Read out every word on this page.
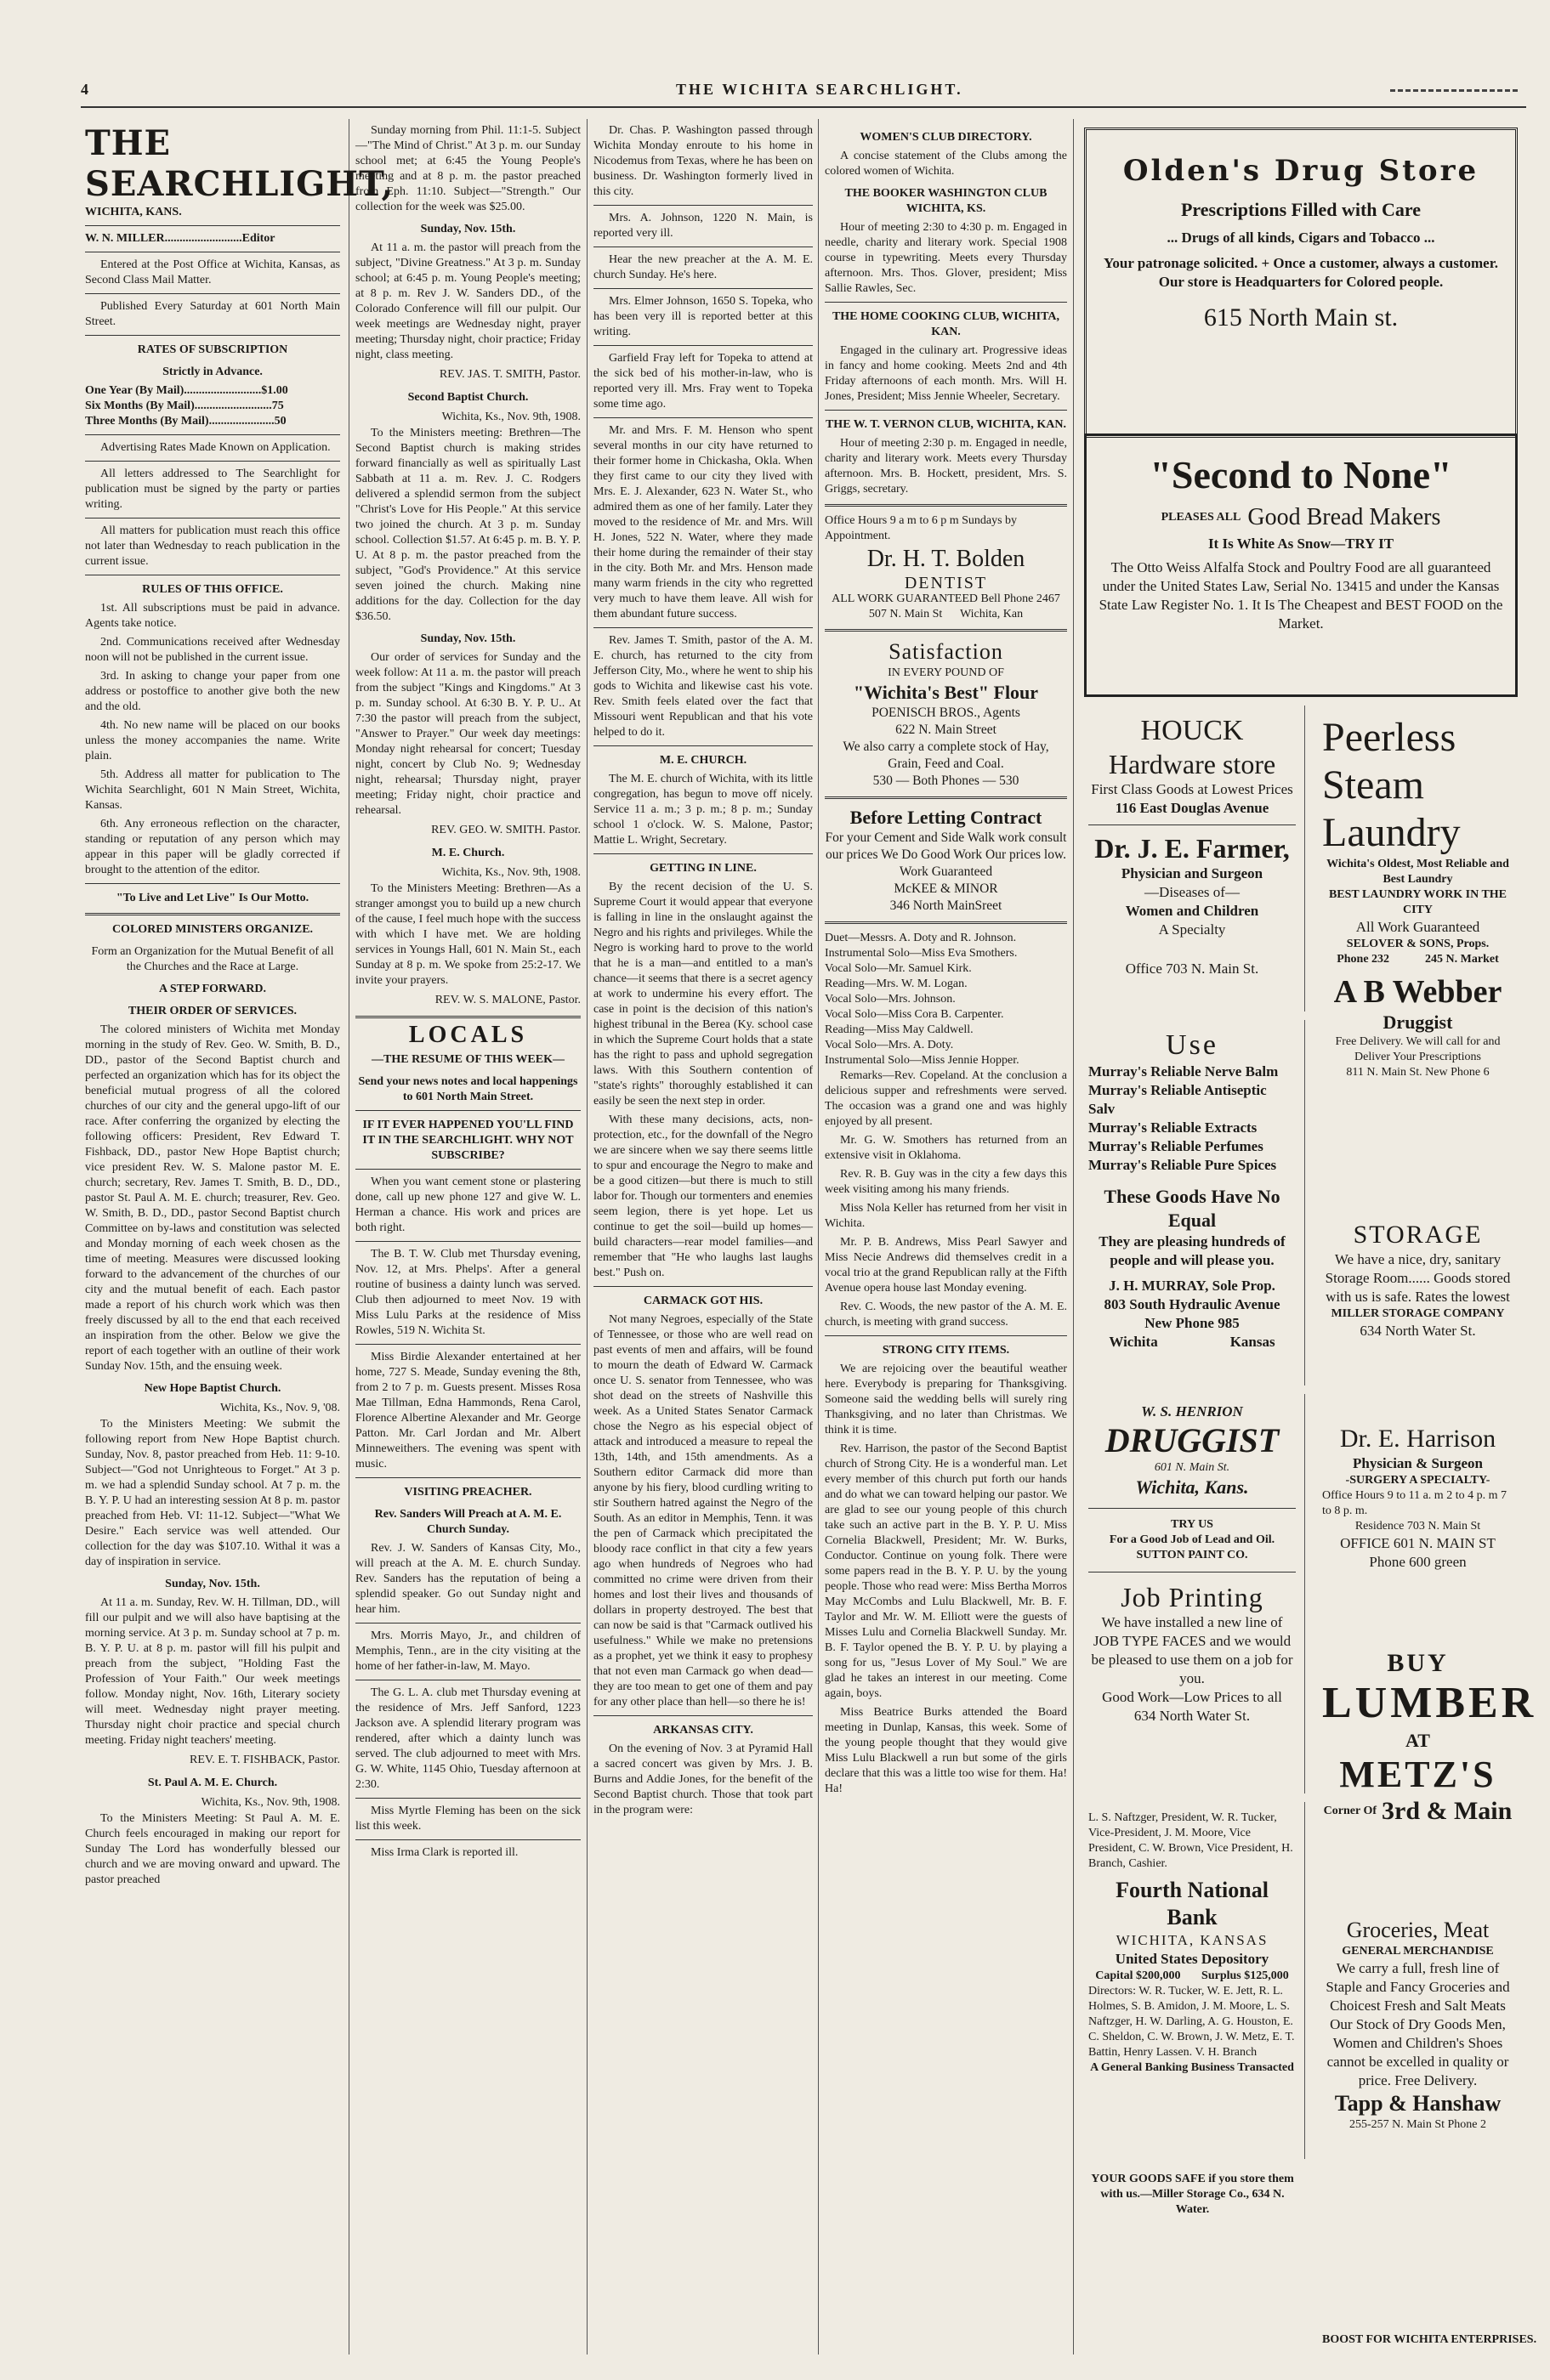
4	THE WICHITA SEARCHLIGHT.
THE SEARCHLIGHT,
WICHITA, KANS.
W. N. MILLER..........................Editor

Entered at the Post Office at Wichita, Kansas, as Second Class Mail Matter.

Published Every Saturday at 601 North Main Street.

RATES OF SUBSCRIPTION
Strictly in Advance.
One Year (By Mail)..........................$1.00
Six Months (By Mail)..........................75
Three Months (By Mail)......................50

Advertising Rates Made Known on Application.

All letters addressed to The Searchlight for publication must be signed by the party or parties writing.

All matters for publication must reach this office not later than Wednesday to reach publication in the current issue.

RULES OF THIS OFFICE.

1st. All subscriptions must be paid in advance. Agents take notice.

2nd. Communications received after Wednesday noon will not be published in the current issue.

3rd. In asking to change your paper from one address or postoffice to another give both the new and the old.

4th. No new name will be placed on our books unless the money accompanies the name. Write plain.

5th. Address all matter for publication to The Wichita Searchlight, 601 N Main Street, Wichita, Kansas.

6th. Any erroneous reflection on the character, standing or reputation of any person which may appear in this paper will be gladly corrected if brought to the attention of the editor.

"To Live and Let Live" Is Our Motto.
COLORED MINISTERS ORGANIZE.
Form an Organization for the Mutual Benefit of all the Churches and the Race at Large.
A STEP FORWARD.
THEIR ORDER OF SERVICES.

The colored ministers of Wichita met Monday morning in the study of Rev. Geo. W. Smith, B. D., DD., pastor of the Second Baptist church and perfected an organization which has for its object the beneficial mutual progress of all the colored churches of our city and the general upgo-lift of our race. After conferring the organized by electing the following officers: President, Rev Edward T. Fishback, DD., pastor New Hope Baptist church; vice president Rev. W. S. Malone pastor M. E. church; secretary, Rev. James T. Smith, B. D., DD., pastor St. Paul A. M. E. church; treasurer, Rev. Geo. W. Smith, B. D., DD., pastor Second Baptist church Committee on by-laws and constitution was selected and Monday morning of each week chosen as the time of meeting. Measures were discussed looking forward to the advancement of the churches of our city and the mutual benefit of each. Each pastor made a report of his church work which was then freely discussed by all to the end that each received an inspiration from the other. Below we give the report of each together with an outline of their work Sunday Nov. 15th, and the ensuing week.

New Hope Baptist Church.
Wichita, Ks., Nov. 9, '08.

To the Ministers Meeting: We submit the following report from New Hope Baptist church. Sunday, Nov. 8, pastor preached from Heb. 11: 9-10. Subject—"God not Unrighteous to Forget." At 3 p. m. we had a splendid Sunday school. At 7 p. m. the B. Y. P. U had an interesting session At 8 p. m. pastor preached from Heb. VI: 11-12. Subject—"What We Desire." Each service was well attended. Our collection for the day was $107.10. Withal it was a day of inspiration in service.

Sunday, Nov. 15th.

At 11 a. m. Sunday, Rev. W. H. Tillman, DD., will fill our pulpit and we will also have baptising at the morning service. At 3 p. m. Sunday school at 7 p. m. B. Y. P. U. at 8 p. m. pastor will fill his pulpit and preach from the subject, "Holding Fast the Profession of Your Faith." Our week meetings follow. Monday night, Nov. 16th, Literary society will meet. Wednesday night prayer meeting. Thursday night choir practice and special church meeting. Friday night teachers' meeting.

REV. E. T. FISHBACK, Pastor.
St. Paul A. M. E. Church.
Wichita, Ks., Nov. 9th, 1908.

To the Ministers Meeting: St Paul A. M. E. Church feels encouraged in making our report for Sunday The Lord has wonderfully blessed our church and we are moving onward and upward. The pastor preached

Sunday morning from Phil. 11:1-5. Subject—"The Mind of Christ." At 3 p. m. our Sunday school met; at 6:45 the Young People's meeting and at 8 p. m. the pastor preached from Eph. 11:10. Subject—"Strength." Our collection for the week was $25.00.

Sunday, Nov. 15th.

At 11 a. m. the pastor will preach from the subject, "Divine Greatness." At 3 p. m. Sunday school; at 6:45 p. m. Young People's meeting; at 8 p. m. Rev J. W. Sanders DD., of the Colorado Conference will fill our pulpit. Our week meetings are Wednesday night, prayer meeting; Thursday night, choir practice; Friday night, class meeting.

REV. JAS. T. SMITH, Pastor.
Second Baptist Church.
Wichita, Ks., Nov. 9th, 1908.

To the Ministers meeting: Brethren—The Second Baptist church is making strides forward financially as well as spiritually Last Sabbath at 11 a. m. Rev. J. C. Rodgers delivered a splendid sermon from the subject "Christ's Love for His People." At this service two joined the church. At 3 p. m. Sunday school. Collection $1.57. At 6:45 p. m. B. Y. P. U. At 8 p. m. the pastor preached from the subject, "God's Providence." At this service seven joined the church. Making nine additions for the day. Collection for the day $36.50.

Sunday, Nov. 15th.

Our order of services for Sunday and the week follow: At 11 a. m. the pastor will preach from the subject "Kings and Kingdoms." At 3 p. m. Sunday school. At 6:30 B. Y. P. U.. At 7:30 the pastor will preach from the subject, "Answer to Prayer." Our week day meetings: Monday night rehearsal for concert; Tuesday night, concert by Club No. 9; Wednesday night, rehearsal; Thursday night, prayer meeting; Friday night, choir practice and rehearsal.

REV. GEO. W. SMITH. Pastor.
M. E. Church.
Wichita, Ks., Nov. 9th, 1908.

To the Ministers Meeting: Brethren—As a stranger amongst you to build up a new church of the cause, I feel much hope with the success with which I have met. We are holding services in Youngs Hall, 601 N. Main St., each Sunday at 8 p. m. We spoke from 25:2-17. We invite your prayers.

REV. W. S. MALONE, Pastor.
LOCALS
—THE RESUME OF THIS WEEK—
Send your news notes and local happenings to 601 North Main Street.
IF IT EVER HAPPENED YOU'LL FIND IT IN THE SEARCHLIGHT. WHY NOT SUBSCRIBE?

When you want cement stone or plastering done, call up new phone 127 and give W. L. Herman a chance. His work and prices are both right.

The B. T. W. Club met Thursday evening, Nov. 12, at Mrs. Phelps'. After a general routine of business a dainty lunch was served. Club then adjourned to meet Nov. 19 with Miss Lulu Parks at the residence of Miss Rowles, 519 N. Wichita St.

Miss Birdie Alexander entertained at her home, 727 S. Meade, Sunday evening the 8th, from 2 to 7 p. m. Guests present. Misses Rosa Mae Tillman, Edna Hammonds, Rena Carol, Florence Albertine Alexander and Mr. George Patton. Mr. Carl Jordan and Mr. Albert Minneweithers. The evening was spent with music.

VISITING PREACHER.
Rev. Sanders Will Preach at A. M. E. Church Sunday.

Rev. J. W. Sanders of Kansas City, Mo., will preach at the A. M. E. church Sunday. Rev. Sanders has the reputation of being a splendid speaker. Go out Sunday night and hear him.

Mrs. Morris Mayo, Jr., and children of Memphis, Tenn., are in the city visiting at the home of her father-in-law, M. Mayo.

The G. L. A. club met Thursday evening at the residence of Mrs. Jeff Sanford, 1223 Jackson ave. A splendid literary program was rendered, after which a dainty lunch was served. The club adjourned to meet with Mrs. G. W. White, 1145 Ohio, Tuesday afternoon at 2:30.

Miss Myrtle Fleming has been on the sick list this week.

Miss Irma Clark is reported ill.

Dr. Chas. P. Washington passed through Wichita Monday enroute to his home in Nicodemus from Texas, where he has been on business. Dr. Washington formerly lived in this city.

Mrs. A. Johnson, 1220 N. Main, is reported very ill.

Hear the new preacher at the A. M. E. church Sunday. He's here.

Mrs. Elmer Johnson, 1650 S. Topeka, who has been very ill is reported better at this writing.

Garfield Fray left for Topeka to attend at the sick bed of his mother-in-law, who is reported very ill. Mrs. Fray went to Topeka some time ago.

Mr. and Mrs. F. M. Henson who spent several months in our city have returned to their former home in Chickasha, Okla. When they first came to our city they lived with Mrs. E. J. Alexander, 623 N. Water St., who admired them as one of her family. Later they moved to the residence of Mr. and Mrs. Will H. Jones, 522 N. Water, where they made their home during the remainder of their stay in the city. Both Mr. and Mrs. Henson made many warm friends in the city who regretted very much to have them leave. All wish for them abundant future success.

Rev. James T. Smith, pastor of the A. M. E. church, has returned to the city from Jefferson City, Mo., where he went to ship his gods to Wichita and likewise cast his vote. Rev. Smith feels elated over the fact that Missouri went Republican and that his vote helped to do it.

M. E. CHURCH.

The M. E. church of Wichita, with its little congregation, has begun to move off nicely. Service 11 a. m.; 3 p. m.; 8 p. m.; Sunday school 1 o'clock. W. S. Malone, Pastor; Mattie L. Wright, Secretary.

GETTING IN LINE.

By the recent decision of the U. S. Supreme Court it would appear that everyone is falling in line in the onslaught against the Negro and his rights and privileges. While the Negro is working hard to prove to the world that he is a man—and entitled to a man's chance—it seems that there is a secret agency at work to undermine his every effort. The case in point is the decision of this nation's highest tribunal in the Berea (Ky. school case in which the Supreme Court holds that a state has the right to pass and uphold segregation laws. With this Southern contention of "state's rights" thoroughly established it can easily be seen the next step in order.

With these many decisions, acts, non-protection, etc., for the downfall of the Negro we are sincere when we say there seems little to spur and encourage the Negro to make and be a good citizen—but there is much to still labor for. Though our tormenters and enemies seem legion, there is yet hope. Let us continue to get the soil—build up homes—build characters—rear model families—and remember that "He who laughs last laughs best." Push on.

CARMACK GOT HIS.

Not many Negroes, especially of the State of Tennessee, or those who are well read on past events of men and affairs, will be found to mourn the death of Edward W. Carmack once U. S. senator from Tennessee, who was shot dead on the streets of Nashville this week. As a United States Senator Carmack chose the Negro as his especial object of attack and introduced a measure to repeal the 13th, 14th, and 15th amendments. As a Southern editor Carmack did more than anyone by his fiery, blood curdling writing to stir Southern hatred against the Negro of the South. As an editor in Memphis, Tenn. it was the pen of Carmack which precipitated the bloody race conflict in that city a few years ago when hundreds of Negroes who had committed no crime were driven from their homes and lost their lives and thousands of dollars in property destroyed. The best that can now be said is that "Carmack outlived his usefulness." While we make no pretensions as a prophet, yet we think it easy to prophesy that not even man Carmack go when dead—they are too mean to get one of them and pay for any other place than hell—so there he is!

ARKANSAS CITY.

On the evening of Nov. 3 at Pyramid Hall a sacred concert was given by Mrs. J. B. Burns and Addie Jones, for the benefit of the Second Baptist church. Those that took part in the program were:

WOMEN'S CLUB DIRECTORY.

A concise statement of the Clubs among the colored women of Wichita.

THE BOOKER WASHINGTON CLUB WICHITA, KS.

Hour of meeting 2:30 to 4:30 p. m. Engaged in needle, charity and literary work. Special 1908 course in typewriting. Meets every Thursday afternoon. Mrs. Thos. Glover, president; Miss Sallie Rawles, Sec.

THE HOME COOKING CLUB, WICHITA, KAN.

Engaged in the culinary art. Progressive ideas in fancy and home cooking. Meets 2nd and 4th Friday afternoons of each month. Mrs. Will H. Jones, President; Miss Jennie Wheeler, Secretary.

THE W. T. VERNON CLUB, WICHITA, KAN.

Hour of meeting 2:30 p. m. Engaged in needle, charity and literary work. Meets every Thursday afternoon. Mrs. B. Hockett, president, Mrs. S. Griggs, secretary.

Office Hours 9 a m to 6 p m Sundays by Appointment.
Dr. H. T. Bolden
DENTIST
ALL WORK GUARANTEED Bell Phone 2467
507 N. Main St      Wichita, Kan
Satisfaction
IN EVERY POUND OF
"Wichita's Best" Flour
POENISCH BROS., Agents
622 N. Main Street
We also carry a complete stock of Hay, Grain, Feed and Coal.
530 — Both Phones — 530
Before Letting Contract
For your Cement and Side Walk work consult our prices We Do Good Work Our prices low. Work Guaranteed
McKEE & MINOR
346 North MainSreet
Duet—Messrs. A. Doty and R. Johnson.
Instrumental Solo—Miss Eva Smothers.
Vocal Solo—Mr. Samuel Kirk.
Reading—Mrs. W. M. Logan.
Vocal Solo—Mrs. Johnson.
Vocal Solo—Miss Cora B. Carpenter.
Reading—Miss May Caldwell.
Vocal Solo—Mrs. A. Doty.
Instrumental Solo—Miss Jennie Hopper.

Remarks—Rev. Copeland. At the conclusion a delicious supper and refreshments were served. The occasion was a grand one and was highly enjoyed by all present.

Mr. G. W. Smothers has returned from an extensive visit in Oklahoma.

Rev. R. B. Guy was in the city a few days this week visiting among his many friends.

Miss Nola Keller has returned from her visit in Wichita.

Mr. P. B. Andrews, Miss Pearl Sawyer and Miss Necie Andrews did themselves credit in a vocal trio at the grand Republican rally at the Fifth Avenue opera house last Monday evening.

Rev. C. Woods, the new pastor of the A. M. E. church, is meeting with grand success.

STRONG CITY ITEMS.

We are rejoicing over the beautiful weather here. Everybody is preparing for Thanksgiving. Someone said the wedding bells will surely ring Thanksgiving, and no later than Christmas. We think it is time.

Rev. Harrison, the pastor of the Second Baptist church of Strong City. He is a wonderful man. Let every member of this church put forth our hands and do what we can toward helping our pastor. We are glad to see our young people of this church take such an active part in the B. Y. P. U. Miss Cornelia Blackwell, President; Mr. W. Burks, Conductor. Continue on young folk. There were some papers read in the B. Y. P. U. by the young people. Those who read were: Miss Bertha Morros May McCombs and Lulu Blackwell, Mr. B. F. Taylor and Mr. W. M. Elliott were the guests of Misses Lulu and Cornelia Blackwell Sunday. Mr. B. F. Taylor opened the B. Y. P. U. by playing a song for us, "Jesus Lover of My Soul." We are glad he takes an interest in our meeting. Come again, boys.

Miss Beatrice Burks attended the Board meeting in Dunlap, Kansas, this week. Some of the young people thought that they would give Miss Lulu Blackwell a run but some of the girls declare that this was a little too wise for them. Ha! Ha!

Olden's Drug Store
Prescriptions Filled with Care
... Drugs of all kinds, Cigars and Tobacco ...
Your patronage solicited. + Once a customer, always a customer. Our store is Headquarters for Colored people.
615 North Main st.
"Second to None"
PLEASES ALL Good Bread Makers
It Is White As Snow—TRY IT
The Otto Weiss Alfalfa Stock and Poultry Food are all guaranteed under the United States Law, Serial No. 13415 and under the Kansas State Law Register No. 1. It Is The Cheapest and BEST FOOD on the Market.
HOUCK
Hardware store
First Class Goods at Lowest Prices
116 East Douglas Avenue
Dr. J. E. Farmer,
Physician and Surgeon
—Diseases of—
Women and Children
A Specialty
Office 703 N. Main St.
Use
Murray's Reliable Nerve Balm
Murray's Reliable Antiseptic Salv
Murray's Reliable Extracts
Murray's Reliable Perfumes
Murray's Reliable Pure Spices
These Goods Have No Equal
They are pleasing hundreds of people and will please you.
J. H. MURRAY, Sole Prop.
803 South Hydraulic Avenue
New Phone 985
Wichita                    Kansas
W. S. HENRION
DRUGGIST
601 N. Main St.
Wichita, Kans.
TRY US
For a Good Job of Lead and Oil.
SUTTON PAINT CO.
Job Printing
We have installed a new line of JOB TYPE FACES and we would be pleased to use them on a job for you.
Good Work—Low Prices to all
634 North Water St.
L. S. Naftzger, President, W. R. Tucker, Vice-President, J. M. Moore, Vice President, C. W. Brown, Vice President, H. Branch, Cashier.
Fourth National Bank
WICHITA, KANSAS
United States Depository
Capital $200,000       Surplus $125,000
Directors: W. R. Tucker, W. E. Jett, R. L. Holmes, S. B. Amidon, J. M. Moore, L. S. Naftzger, H. W. Darling, A. G. Houston, E. C. Sheldon, C. W. Brown, J. W. Metz, E. T. Battin, Henry Lassen. V. H. Branch
A General Banking Business Transacted
YOUR GOODS SAFE if you store them with us.—Miller Storage Co., 634 N. Water.
Peerless Steam Laundry
Wichita's Oldest, Most Reliable and Best Laundry
BEST LAUNDRY WORK IN THE CITY
All Work Guaranteed
SELOVER & SONS, Props.
Phone 232            245 N. Market
A B Webber
Druggist
Free Delivery. We will call for and Deliver Your Prescriptions
811 N. Main St. New Phone 6
STORAGE
We have a nice, dry, sanitary Storage Room...... Goods stored with us is safe. Rates the lowest
MILLER STORAGE COMPANY
634 North Water St.
Dr. E. Harrison
Physician & Surgeon
-SURGERY A SPECIALTY-
Office Hours 9 to 11 a. m 2 to 4 p. m 7 to 8 p. m.
Residence 703 N. Main St
OFFICE 601 N. MAIN ST
Phone 600 green
BUY
LUMBER
AT
METZ'S
Corner Of 3rd & Main
Groceries, Meat
GENERAL MERCHANDISE
We carry a full, fresh line of Staple and Fancy Groceries and Choicest Fresh and Salt Meats Our Stock of Dry Goods Men, Women and Children's Shoes cannot be excelled in quality or price. Free Delivery.
Tapp & Hanshaw
255-257 N. Main St Phone 2
BOOST FOR WICHITA ENTERPRISES.
